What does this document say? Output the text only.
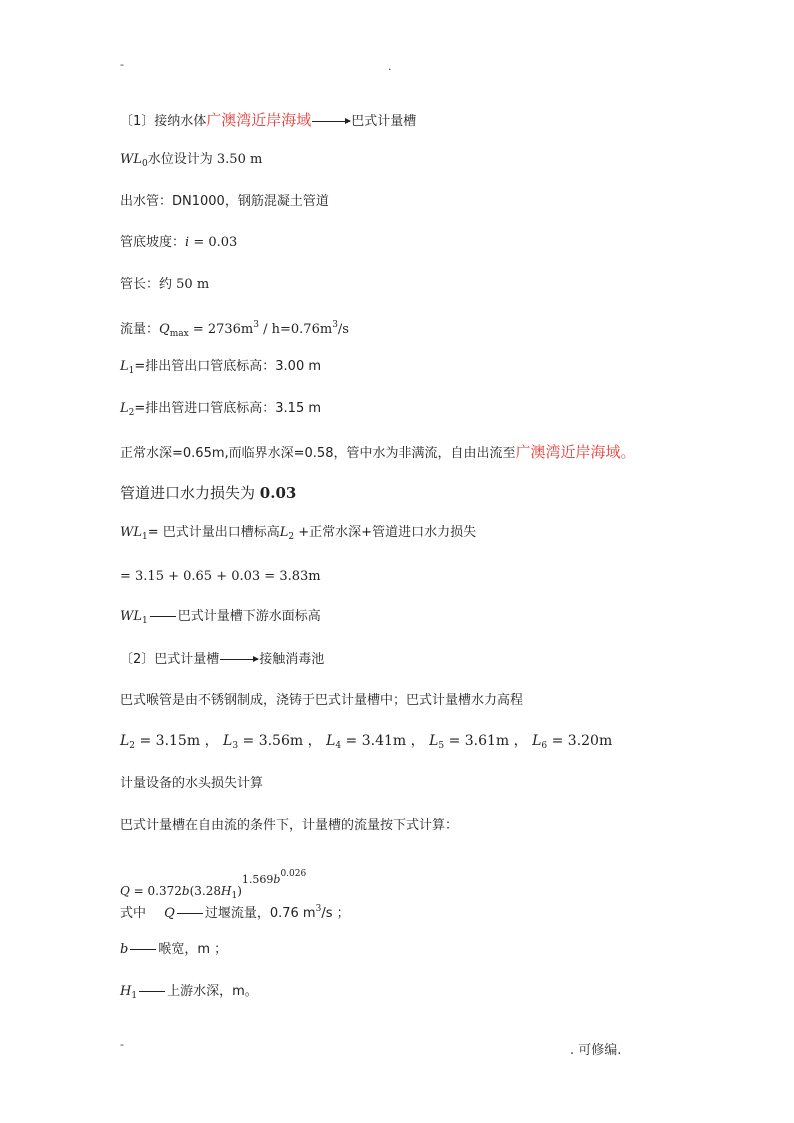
-	.
〔1〕接纳水体广澳湾近岸海域	巴式计量槽
$WL_0$水位设计为 3.50 m
出水管：DN1000，钢筋混凝土管道
管底坡度：i = 0.03
管长：约 50 m
流量：$Q_{max} = 2736m^3 / h=0.76m^3/s$
$L_1=$排出管出口管底标高：3.00 m
$L_2=$排出管进口管底标高：3.15 m
正常水深=0.65m,而临界水深=0.58，管中水为非满流，自由出流至广澳湾近岸海域。
管道进口水力损失为 0.03
$WL_1=$ 巴式计量出口槽标高$L_2$ +正常水深+管道进口水力损失
= 3.15 + 0.65 + 0.03 = 3.83m
$WL_1$ 巴式计量槽下游水面标高
〔2〕巴式计量槽	接触消毒池
巴式喉管是由不锈钢制成，浇铸于巴式计量槽中；巴式计量槽水力高程
$L_2 = 3.15m$ ， $L_3 = 3.56m$ ， $L_4 = 3.41m$ ， $L_5 = 3.61m$ ， $L_6 = 3.20m$
计量设备的水头损失计算
巴式计量槽在自由流的条件下，计量槽的流量按下式计算：
$Q = 0.372b(3.28H_1)1.569b^{0.026}$
式中 Q 过堰流量，0.76 $m^3/s$ ；
b 喉宽，m ；
$H_1$ 上游水深，m。
-	. 可修编.
